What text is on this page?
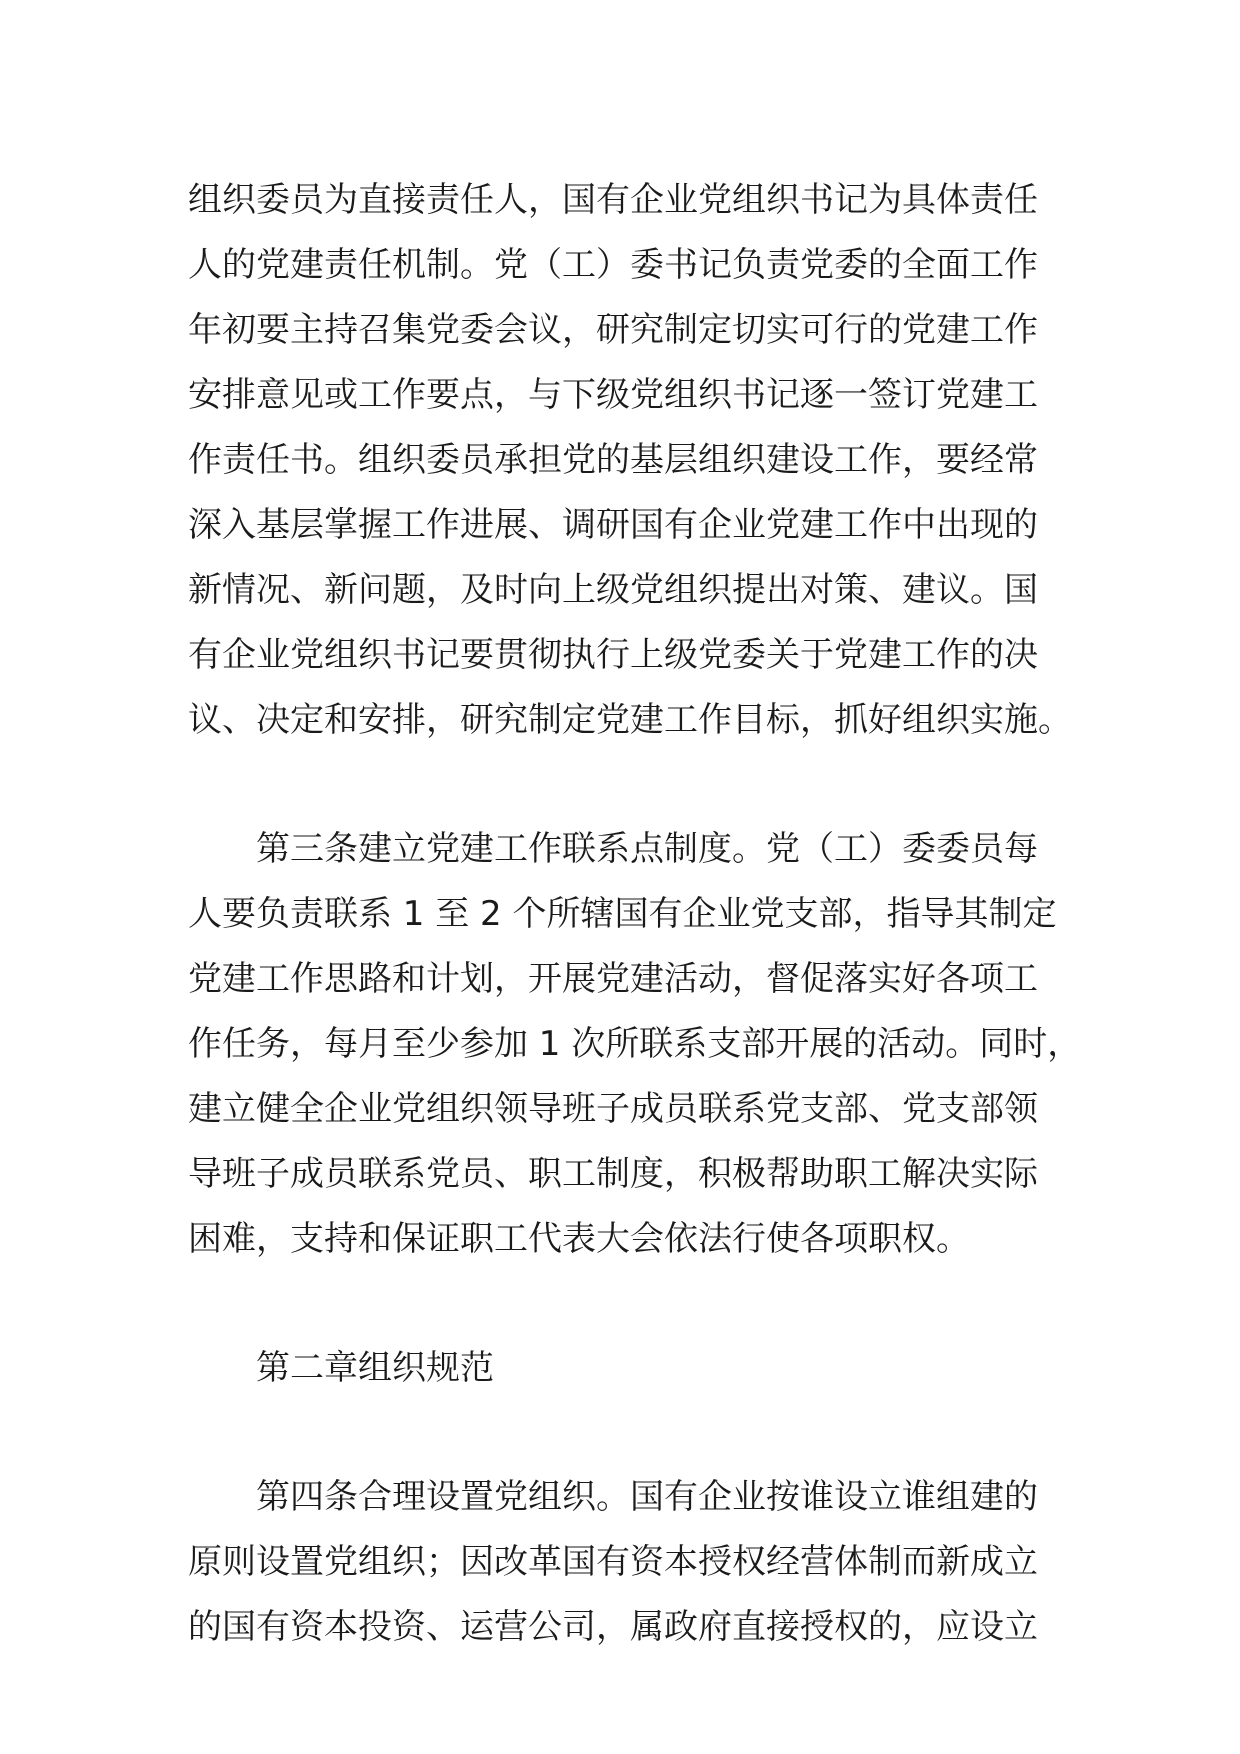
组织委员为直接责任人，国有企业党组织书记为具体责任
人的党建责任机制。党（工）委书记负责党委的全面工作
年初要主持召集党委会议，研究制定切实可行的党建工作
安排意见或工作要点，与下级党组织书记逐一签订党建工
作责任书。组织委员承担党的基层组织建设工作，要经常
深入基层掌握工作进展、调研国有企业党建工作中出现的
新情况、新问题，及时向上级党组织提出对策、建议。国
有企业党组织书记要贯彻执行上级党委关于党建工作的决
议、决定和安排，研究制定党建工作目标，抓好组织实施。
第三条建立党建工作联系点制度。党（工）委委员每
人要负责联系 1 至 2 个所辖国有企业党支部，指导其制定
党建工作思路和计划，开展党建活动，督促落实好各项工
作任务，每月至少参加 1 次所联系支部开展的活动。同时，
建立健全企业党组织领导班子成员联系党支部、党支部领
导班子成员联系党员、职工制度，积极帮助职工解决实际
困难，支持和保证职工代表大会依法行使各项职权。
第二章组织规范
第四条合理设置党组织。国有企业按谁设立谁组建的
原则设置党组织；因改革国有资本授权经营体制而新成立
的国有资本投资、运营公司，属政府直接授权的，应设立
